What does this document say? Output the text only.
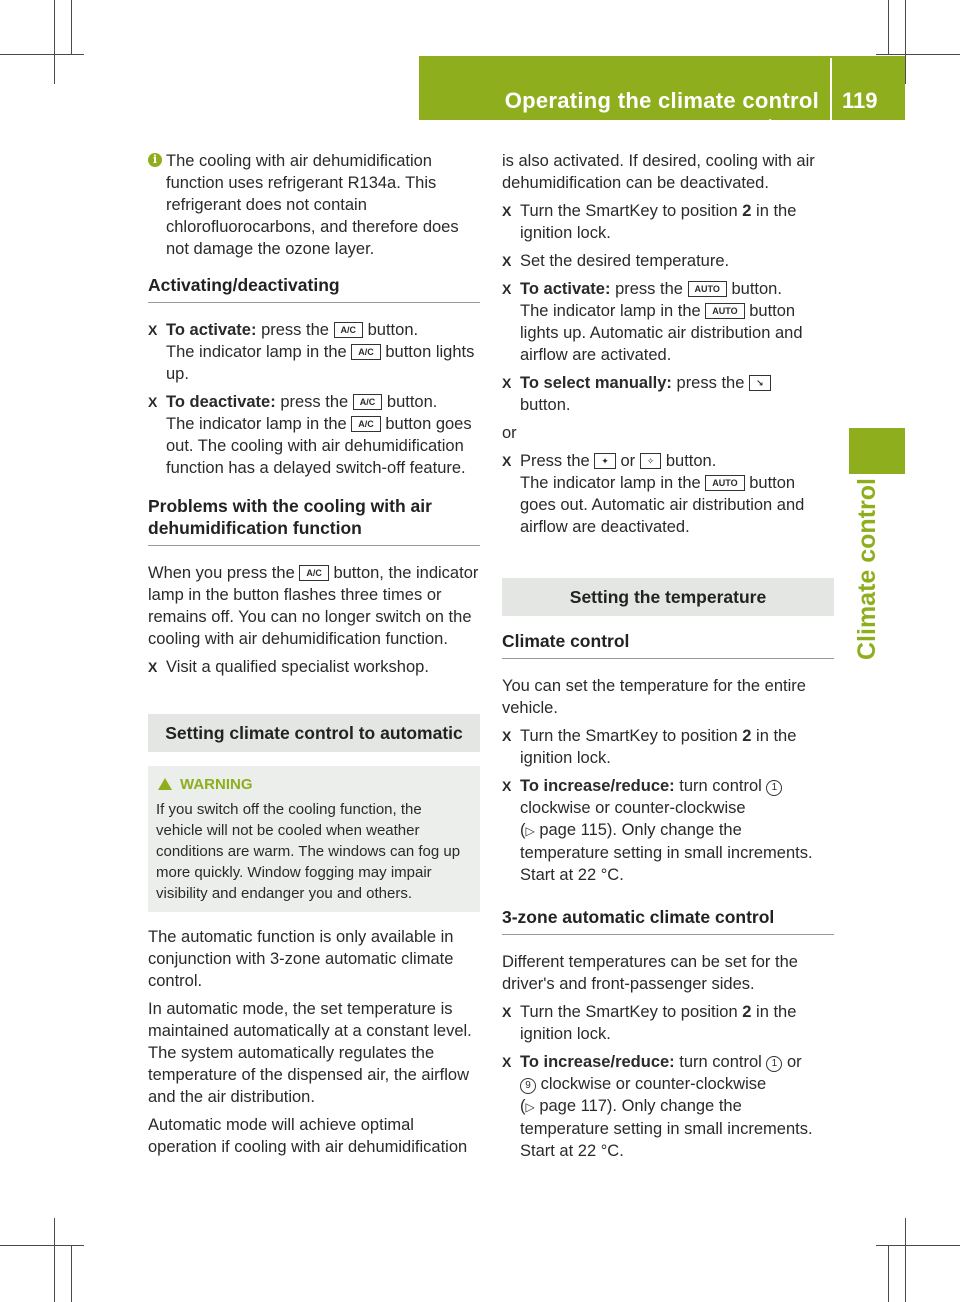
Operating the climate control systems
119
Climate control
i The cooling with air dehumidification function uses refrigerant R134a. This refrigerant does not contain chlorofluorocarbons, and therefore does not damage the ozone layer.
Activating/deactivating
X To activate: press the A/C button.
The indicator lamp in the A/C button lights up.
X To deactivate: press the A/C button.
The indicator lamp in the A/C button goes out. The cooling with air dehumidification function has a delayed switch-off feature.
Problems with the cooling with air dehumidification function

When you press the A/C button, the indicator lamp in the button flashes three times or remains off. You can no longer switch on the cooling with air dehumidification function.

X Visit a qualified specialist workshop.
Setting climate control to automatic
WARNING
If you switch off the cooling function, the vehicle will not be cooled when weather conditions are warm. The windows can fog up more quickly. Window fogging may impair visibility and endanger you and others.

The automatic function is only available in conjunction with 3-zone automatic climate control.

In automatic mode, the set temperature is maintained automatically at a constant level. The system automatically regulates the temperature of the dispensed air, the airflow and the air distribution.

Automatic mode will achieve optimal operation if cooling with air dehumidification

is also activated. If desired, cooling with air dehumidification can be deactivated.

X Turn the SmartKey to position 2 in the ignition lock.
X Set the desired temperature.
X To activate: press the AUTO button.
The indicator lamp in the AUTO button lights up. Automatic air distribution and airflow are activated.
X To select manually: press the ↘
button.

or

X Press the ✦ or ✧ button.
The indicator lamp in the AUTO button goes out. Automatic air distribution and airflow are deactivated.
Setting the temperature
Climate control

You can set the temperature for the entire vehicle.

X Turn the SmartKey to position 2 in the ignition lock.
X To increase/reduce: turn control 1
clockwise or counter-clockwise
(▷ page 115). Only change the temperature setting in small increments. Start at 22 °C.
3-zone automatic climate control

Different temperatures can be set for the driver's and front-passenger sides.

X Turn the SmartKey to position 2 in the ignition lock.
X To increase/reduce: turn control 1 or
9 clockwise or counter-clockwise
(▷ page 117). Only change the temperature setting in small increments. Start at 22 °C.
